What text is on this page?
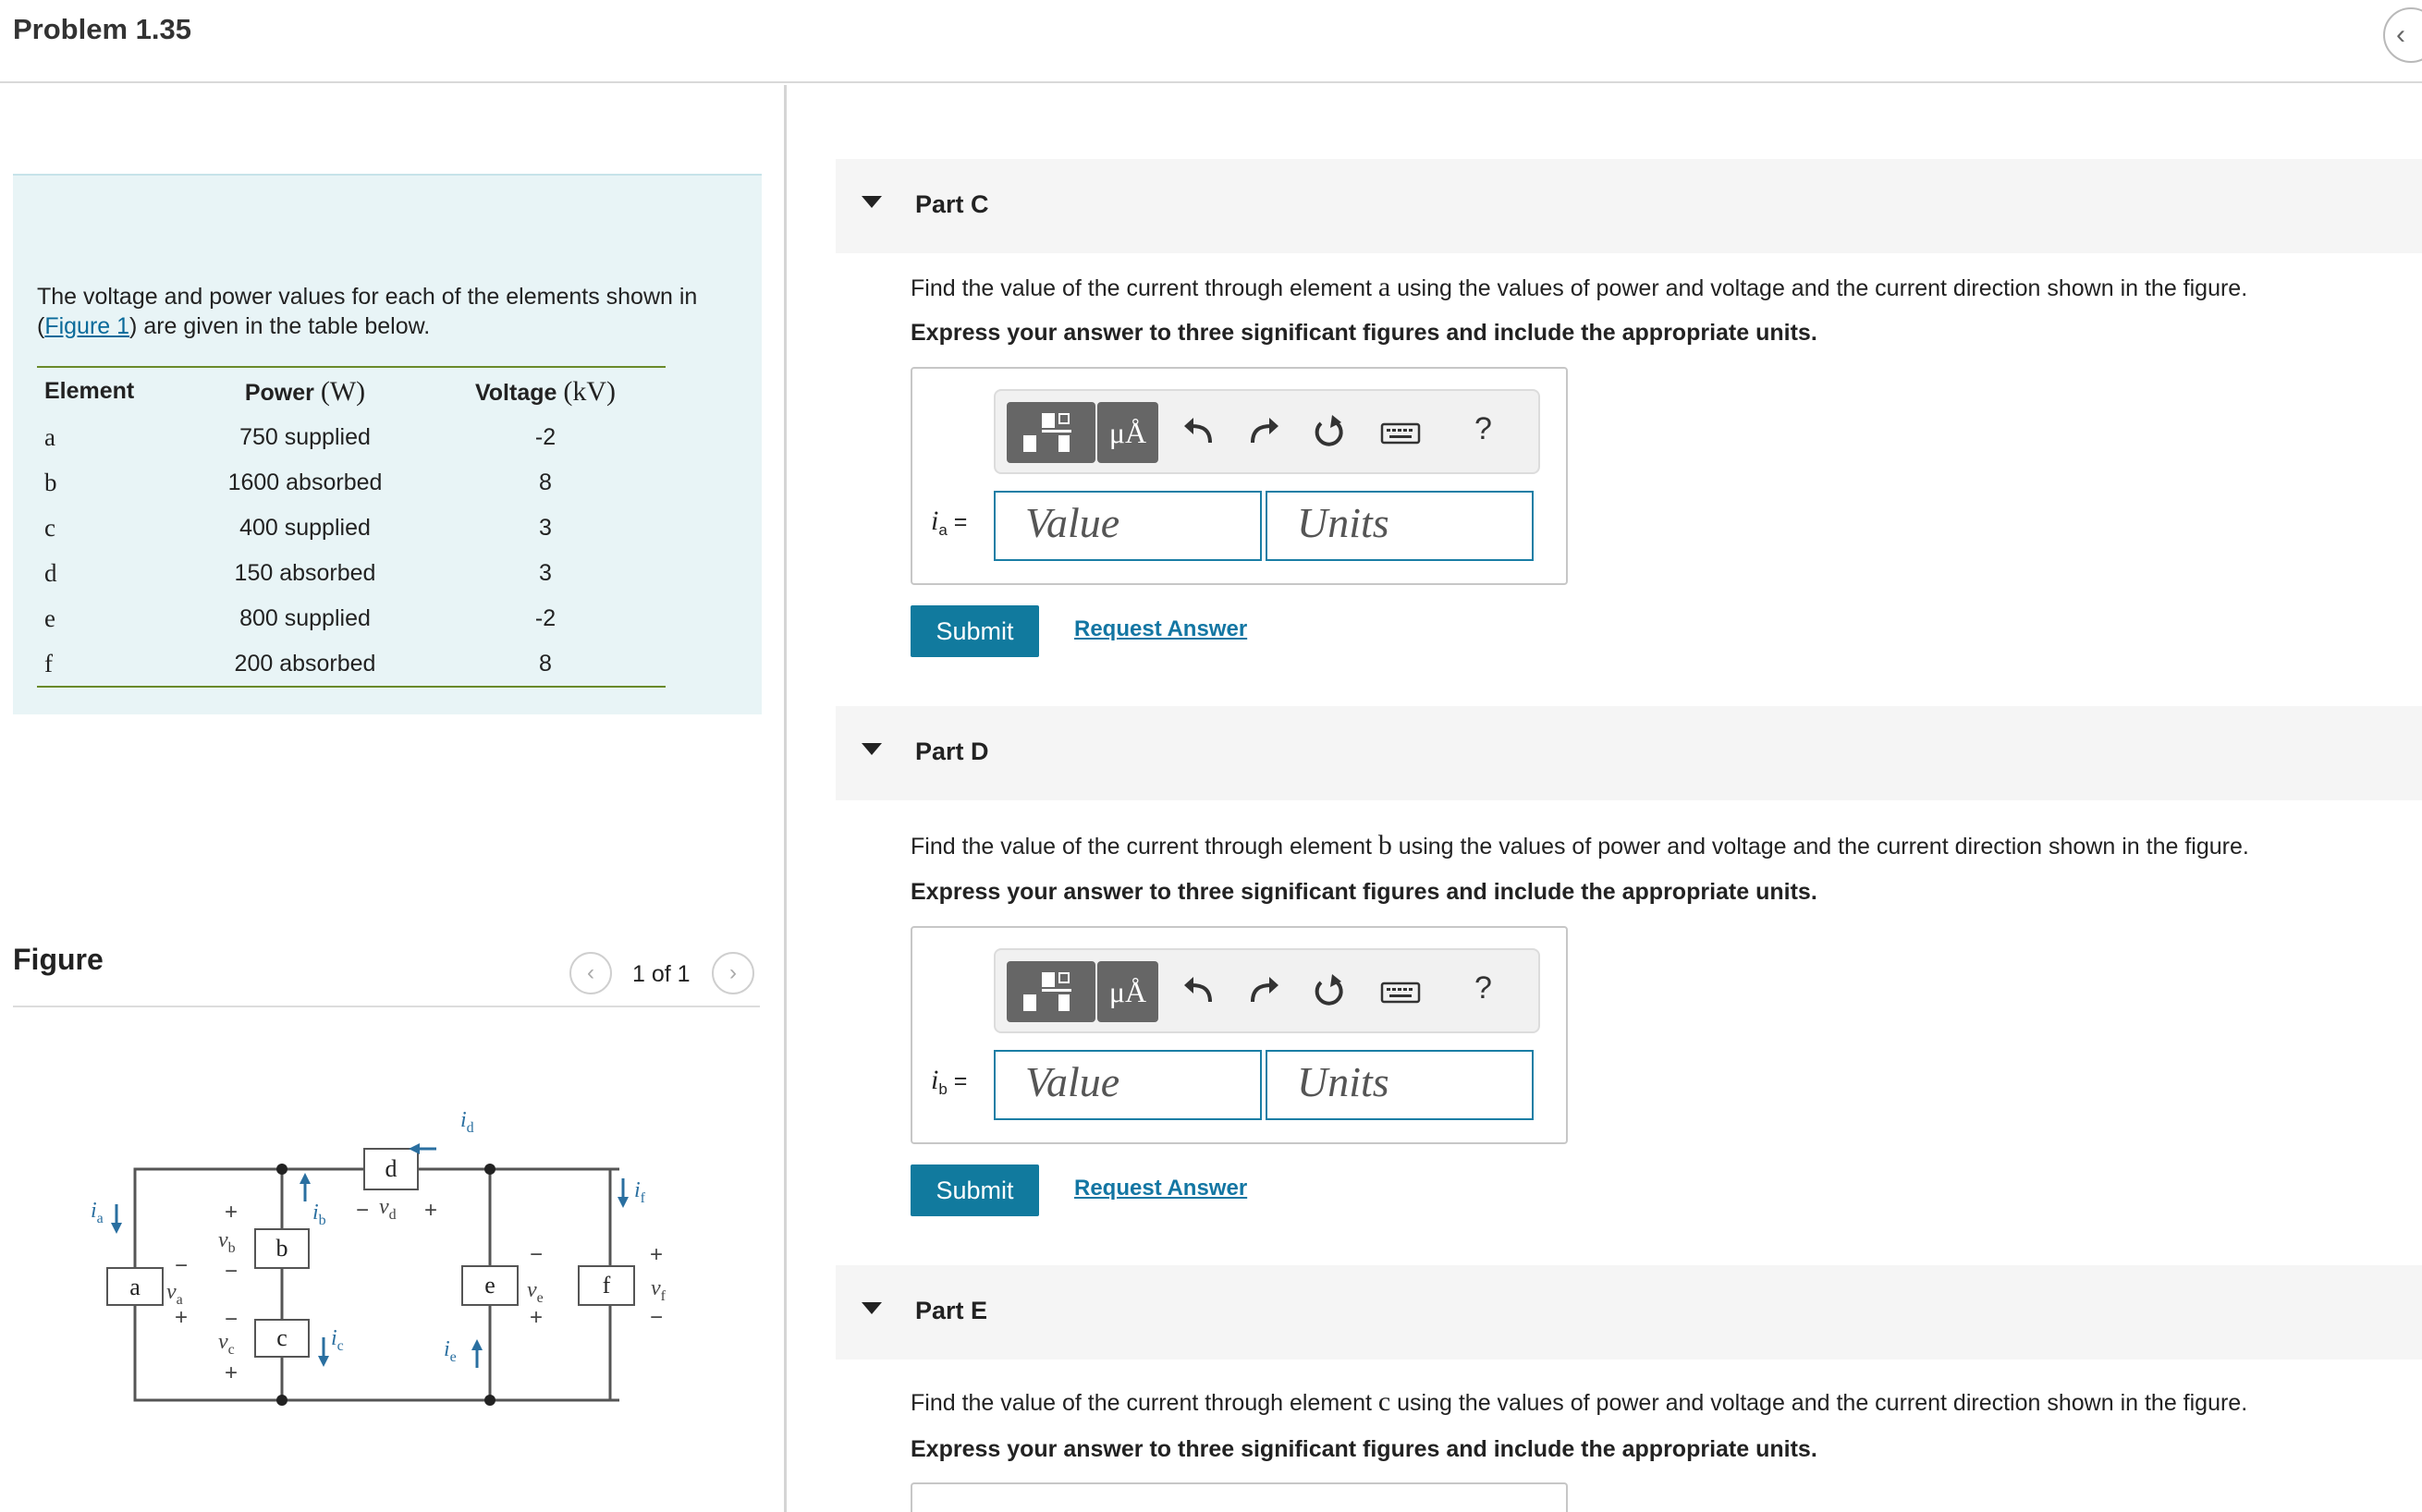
Problem 1.35	‹
The voltage and power values for each of the elements shown in (Figure 1) are given in the table below.
Element	Power (W)	Voltage (kV)
a	750 supplied	-2
b	1600 absorbed	8
c	400 supplied	3
d	150 absorbed	3
e	800 supplied	-2
f	200 absorbed	8
Figure	‹ 1 of 1 ›
a
b
c
d
e	f
$i_a$	$i_b$
$i_c$
$i_d$
$i_e$
$i_f$
$v_a$
$v_b$
$v_c$
$v_d$
$v_e$	$v_f$
−
+
+
−
−
+
− +
−
+
+
−
Part C
Find the value of the current through element a using the values of power and voltage and the current direction shown in the figure.
Express your answer to three significant figures and include the appropriate units.
μÅ	?
$i_a$ =	Value	Units
Submit	Request Answer
Part D
Find the value of the current through element b using the values of power and voltage and the current direction shown in the figure.
Express your answer to three significant figures and include the appropriate units.
μÅ	?
$i_b$ =	Value	Units
Submit	Request Answer
Part E
Find the value of the current through element c using the values of power and voltage and the current direction shown in the figure.
Express your answer to three significant figures and include the appropriate units.
